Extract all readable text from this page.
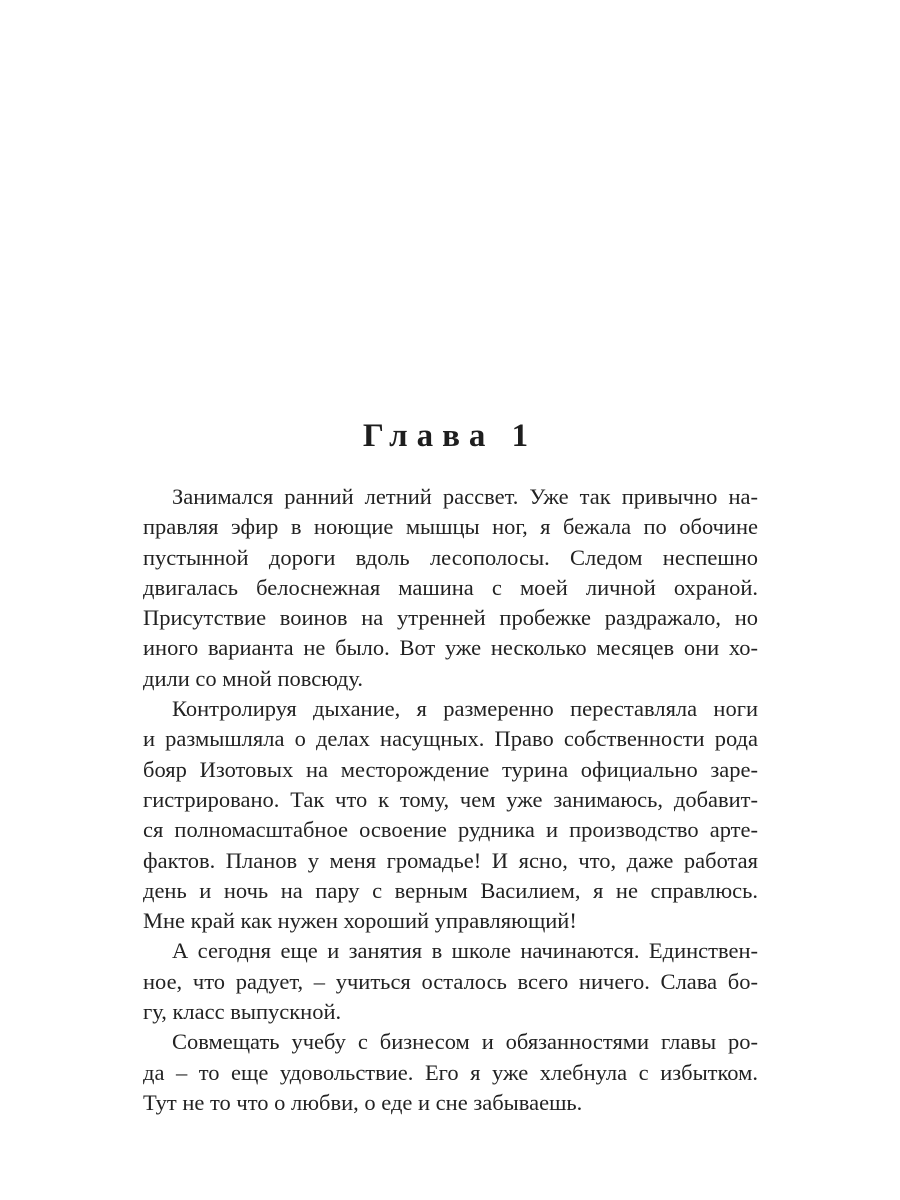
Глава 1
Занимался ранний летний рассвет. Уже так привычно на-
правляя эфир в ноющие мышцы ног, я бежала по обочине
пустынной дороги вдоль лесополосы. Следом неспешно
двигалась белоснежная машина с моей личной охраной.
Присутствие воинов на утренней пробежке раздражало, но
иного варианта не было. Вот уже несколько месяцев они хо-
дили со мной повсюду.
Контролируя дыхание, я размеренно переставляла ноги
и размышляла о делах насущных. Право собственности рода
бояр Изотовых на месторождение турина официально заре-
гистрировано. Так что к тому, чем уже занимаюсь, добавит-
ся полномасштабное освоение рудника и производство арте-
фактов. Планов у меня громадье! И ясно, что, даже работая
день и ночь на пару с верным Василием, я не справлюсь.
Мне край как нужен хороший управляющий!
А сегодня еще и занятия в школе начинаются. Единствен-
ное, что радует, – учиться осталось всего ничего. Слава бо-
гу, класс выпускной.
Совмещать учебу с бизнесом и обязанностями главы ро-
да – то еще удовольствие. Его я уже хлебнула с избытком.
Тут не то что о любви, о еде и сне забываешь.
